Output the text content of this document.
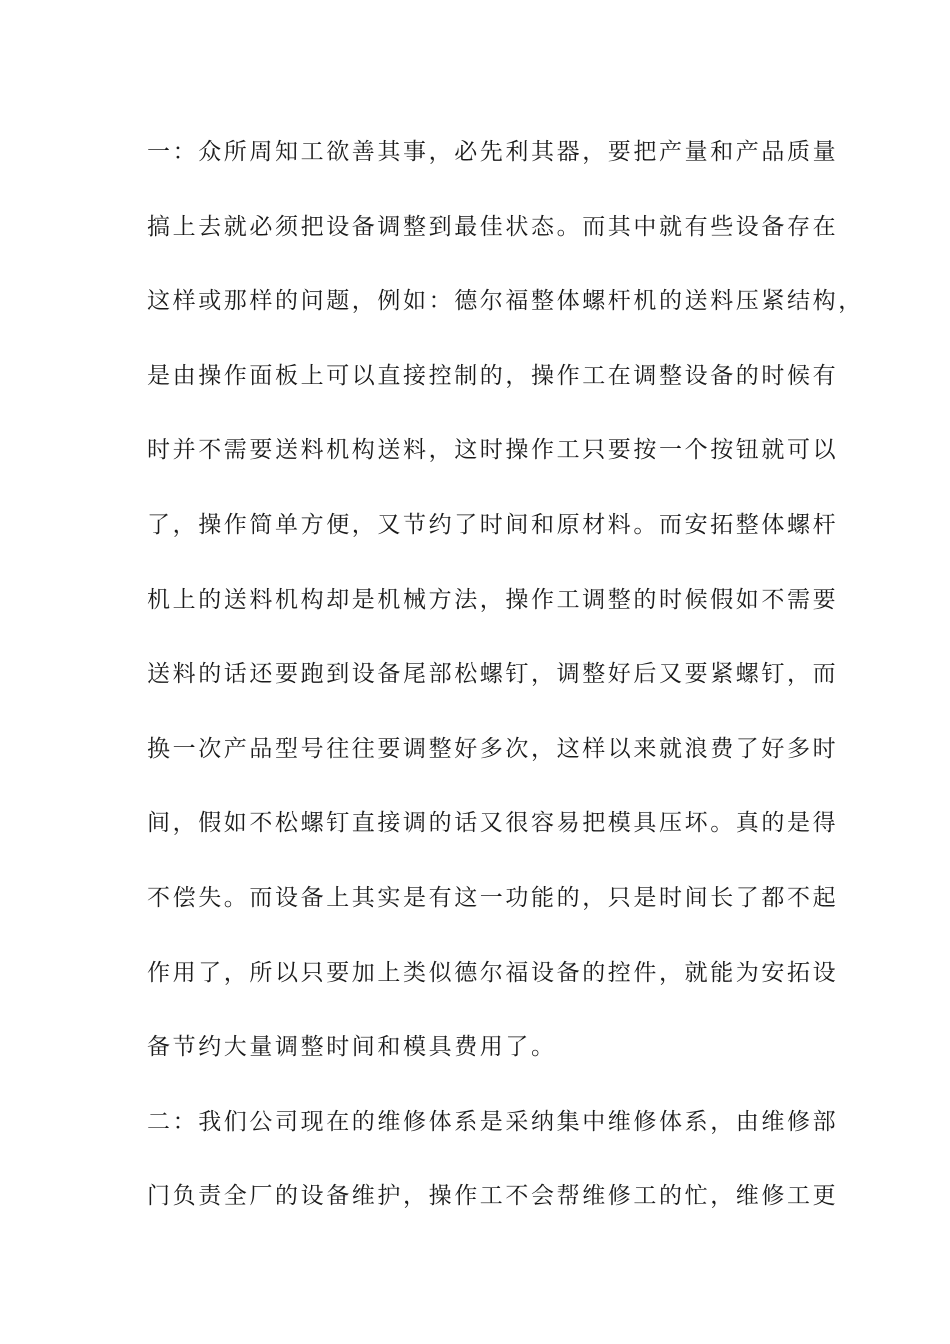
一：众所周知工欲善其事，必先利其器，要把产量和产品质量
搞上去就必须把设备调整到最佳状态。而其中就有些设备存在
这样或那样的问题，例如：德尔福整体螺杆机的送料压紧结构，
是由操作面板上可以直接控制的，操作工在调整设备的时候有
时并不需要送料机构送料，这时操作工只要按一个按钮就可以
了，操作简单方便，又节约了时间和原材料。而安拓整体螺杆
机上的送料机构却是机械方法，操作工调整的时候假如不需要
送料的话还要跑到设备尾部松螺钉，调整好后又要紧螺钉，而
换一次产品型号往往要调整好多次，这样以来就浪费了好多时
间，假如不松螺钉直接调的话又很容易把模具压坏。真的是得
不偿失。而设备上其实是有这一功能的，只是时间长了都不起
作用了，所以只要加上类似德尔福设备的控件，就能为安拓设
备节约大量调整时间和模具费用了。
二：我们公司现在的维修体系是采纳集中维修体系，由维修部
门负责全厂的设备维护，操作工不会帮维修工的忙，维修工更
